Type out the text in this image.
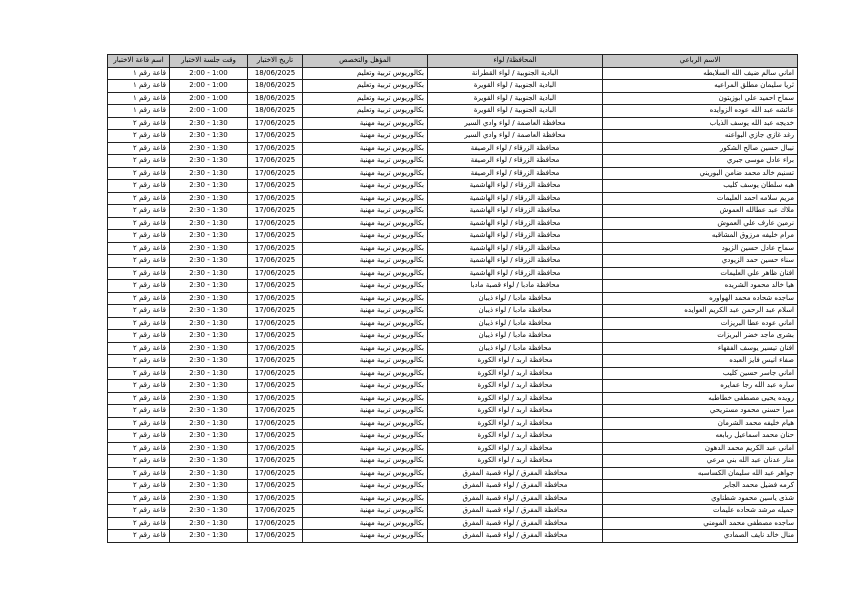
الاسم الرباعي	المحافظة/ لواء	المؤهل والتخصص	تاريخ الاختبار	وقت جلسة الاختبار	اسم قاعة الاختبار
اماني سالم ضيف الله السلايطه	البادية الجنوبية / لواء القطرانة	بكالوريوس تربية وتعليم	18/06/2025	1:00 - 2:00	قاعة رقم ١
ثريا سليمان مطلق المراعيه	البادية الجنوبية / لواء القويرة	بكالوريوس تربية وتعليم	18/06/2025	1:00 - 2:00	قاعة رقم ١
سماح احميد علي ابوزيتون	البادية الجنوبية / لواء القويرة	بكالوريوس تربية وتعليم	18/06/2025	1:00 - 2:00	قاعة رقم ١
عائشه عبد الله عوده الزوايده	البادية الجنوبية / لواء القويرة	بكالوريوس تربية وتعليم	18/06/2025	1:00 - 2:00	قاعة رقم ١
خديجه عبد الله يوسف الذياب	محافظة العاصمة / لواء وادي السير	بكالوريوس تربية مهنية	17/06/2025	1:30 - 2:30	قاعة رقم ٢
رغد غازي جازي البواعنه	محافظة العاصمة / لواء وادي السير	بكالوريوس تربية مهنية	17/06/2025	1:30 - 2:30	قاعة رقم ٢
نيبال حسين صالح الشكور	محافظة الزرقاء / لواء الرصيفة	بكالوريوس تربية مهنية	17/06/2025	1:30 - 2:30	قاعة رقم ٢
براء عادل موسى جبري	محافظة الزرقاء / لواء الرصيفة	بكالوريوس تربية مهنية	17/06/2025	1:30 - 2:30	قاعة رقم ٢
تسنيم خالد محمد ضامن البوريني	محافظة الزرقاء / لواء الرصيفة	بكالوريوس تربية مهنية	17/06/2025	1:30 - 2:30	قاعة رقم ٢
هبه سلطان يوسف كليب	محافظة الزرقاء / لواء الهاشمية	بكالوريوس تربية مهنية	17/06/2025	1:30 - 2:30	قاعة رقم ٢
مريم سلامه احمد العليمات	محافظة الزرقاء / لواء الهاشمية	بكالوريوس تربية مهنية	17/06/2025	1:30 - 2:30	قاعة رقم ٢
ملاك عبد عطالله العموش	محافظة الزرقاء / لواء الهاشمية	بكالوريوس تربية مهنية	17/06/2025	1:30 - 2:30	قاعة رقم ٢
نرمين عارف علي العموش	محافظة الزرقاء / لواء الهاشمية	بكالوريوس تربية مهنية	17/06/2025	1:30 - 2:30	قاعة رقم ٢
مرام خليفه مرزوق المشاقبه	محافظة الزرقاء / لواء الهاشمية	بكالوريوس تربية مهنية	17/06/2025	1:30 - 2:30	قاعة رقم ٢
سماح عادل حسين الزيود	محافظة الزرقاء / لواء الهاشمية	بكالوريوس تربية مهنية	17/06/2025	1:30 - 2:30	قاعة رقم ٢
سناء حسين حمد الزيودي	محافظة الزرقاء / لواء الهاشمية	بكالوريوس تربية مهنية	17/06/2025	1:30 - 2:30	قاعة رقم ٢
افنان ظاهر علي العليمات	محافظة الزرقاء / لواء الهاشمية	بكالوريوس تربية مهنية	17/06/2025	1:30 - 2:30	قاعة رقم ٢
هيا خالد محمود الشريده	محافظة مادبا / لواء قصبة مادبا	بكالوريوس تربية مهنية	17/06/2025	1:30 - 2:30	قاعة رقم ٢
ساجده شحاده محمد الهواوره	محافظة مادبا / لواء ذيبان	بكالوريوس تربية مهنية	17/06/2025	1:30 - 2:30	قاعة رقم ٢
اسلام عبد الرحمن عبد الكريم العوايده	محافظة مادبا / لواء ذيبان	بكالوريوس تربية مهنية	17/06/2025	1:30 - 2:30	قاعة رقم ٢
اماني عوده عطا البريزات	محافظة مادبا / لواء ذيبان	بكالوريوس تربية مهنية	17/06/2025	1:30 - 2:30	قاعة رقم ٢
بشرى ماجد خضر البريزات	محافظة مادبا / لواء ذيبان	بكالوريوس تربية مهنية	17/06/2025	1:30 - 2:30	قاعة رقم ٢
افنان تيسير يوسف الفقهاء	محافظة مادبا / لواء ذيبان	بكالوريوس تربية مهنية	17/06/2025	1:30 - 2:30	قاعة رقم ٢
صفاء انيس فايز العبده	محافظة اربد / لواء الكورة	بكالوريوس تربية مهنية	17/06/2025	1:30 - 2:30	قاعة رقم ٢
اماني جاسر حسين كليب	محافظة اربد / لواء الكورة	بكالوريوس تربية مهنية	17/06/2025	1:30 - 2:30	قاعة رقم ٢
ساره عبد الله رجا عمايره	محافظة اربد / لواء الكورة	بكالوريوس تربية مهنية	17/06/2025	1:30 - 2:30	قاعة رقم ٢
رويده يحيى مصطفى خطاطبه	محافظة اربد / لواء الكورة	بكالوريوس تربية مهنية	17/06/2025	1:30 - 2:30	قاعة رقم ٢
ميرا حسني محمود مستريحي	محافظة اربد / لواء الكورة	بكالوريوس تربية مهنية	17/06/2025	1:30 - 2:30	قاعة رقم ٢
هيام خليفه محمد الشرمان	محافظة اربد / لواء الكورة	بكالوريوس تربية مهنية	17/06/2025	1:30 - 2:30	قاعة رقم ٢
حنان محمد اسماعيل ربابعه	محافظة اربد / لواء الكورة	بكالوريوس تربية مهنية	17/06/2025	1:30 - 2:30	قاعة رقم ٢
اماني عبد الكريم محمد الدهون	محافظة اربد / لواء الكورة	بكالوريوس تربية مهنية	17/06/2025	1:30 - 2:30	قاعة رقم ٢
منار عدنان عبد الله بني مرعي	محافظة اربد / لواء الكورة	بكالوريوس تربية مهنية	17/06/2025	1:30 - 2:30	قاعة رقم ٢
جواهر عبد الله سليمان الكساسبه	محافظة المفرق / لواء قصبة المفرق	بكالوريوس تربية مهنية	17/06/2025	1:30 - 2:30	قاعة رقم ٢
كرمه فضيل محمد الجابر	محافظة المفرق / لواء قصبة المفرق	بكالوريوس تربية مهنية	17/06/2025	1:30 - 2:30	قاعة رقم ٢
شذى ياسين محمود شطناوي	محافظة المفرق / لواء قصبة المفرق	بكالوريوس تربية مهنية	17/06/2025	1:30 - 2:30	قاعة رقم ٢
جميله مرشد شحاده عليمات	محافظة المفرق / لواء قصبة المفرق	بكالوريوس تربية مهنية	17/06/2025	1:30 - 2:30	قاعة رقم ٢
ساجده مصطفى محمد المومني	محافظة المفرق / لواء قصبة المفرق	بكالوريوس تربية مهنية	17/06/2025	1:30 - 2:30	قاعة رقم ٢
منال خالد نايف الصمادي	محافظة المفرق / لواء قصبة المفرق	بكالوريوس تربية مهنية	17/06/2025	1:30 - 2:30	قاعة رقم ٢
